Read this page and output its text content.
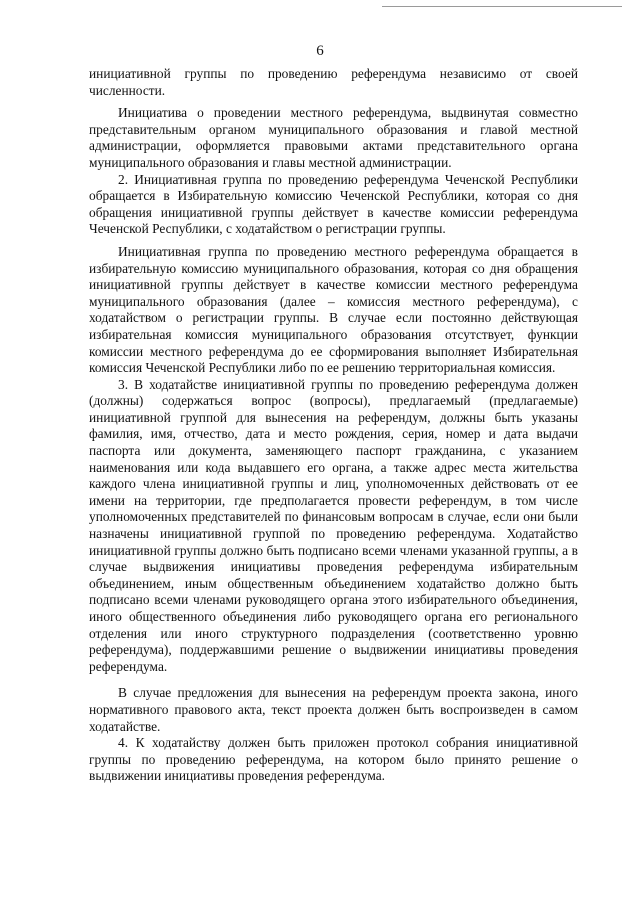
6

инициативной группы по проведению референдума независимо от своей численности.

Инициатива о проведении местного референдума, выдвинутая совместно представительным органом муниципального образования и главой местной администрации, оформляется правовыми актами представительного органа муниципального образования и главы местной администрации.

2. Инициативная группа по проведению референдума Чеченской Республики обращается в Избирательную комиссию Чеченской Республики, которая со дня обращения инициативной группы действует в качестве комиссии референдума Чеченской Республики, с ходатайством о регистрации группы.

Инициативная группа по проведению местного референдума обращается в избирательную комиссию муниципального образования, которая со дня обращения инициативной группы действует в качестве комиссии местного референдума муниципального образования (далее – комиссия местного референдума), с ходатайством о регистрации группы. В случае если постоянно действующая избирательная комиссия муниципального образования отсутствует, функции комиссии местного референдума до ее сформирования выполняет Избирательная комиссия Чеченской Республики либо по ее решению территориальная комиссия.

3. В ходатайстве инициативной группы по проведению референдума должен (должны) содержаться вопрос (вопросы), предлагаемый (предлагаемые) инициативной группой для вынесения на референдум, должны быть указаны фамилия, имя, отчество, дата и место рождения, серия, номер и дата выдачи паспорта или документа, заменяющего паспорт гражданина, с указанием наименования или кода выдавшего его органа, а также адрес места жительства каждого члена инициативной группы и лиц, уполномоченных действовать от ее имени на территории, где предполагается провести референдум, в том числе уполномоченных представителей по финансовым вопросам в случае, если они были назначены инициативной группой по проведению референдума. Ходатайство инициативной группы должно быть подписано всеми членами указанной группы, а в случае выдвижения инициативы проведения референдума избирательным объединением, иным общественным объединением ходатайство должно быть подписано всеми членами руководящего органа этого избирательного объединения, иного общественного объединения либо руководящего органа его регионального отделения или иного структурного подразделения (соответственно уровню референдума), поддержавшими решение о выдвижении инициативы проведения референдума.

В случае предложения для вынесения на референдум проекта закона, иного нормативного правового акта, текст проекта должен быть воспроизведен в самом ходатайстве.

4. К ходатайству должен быть приложен протокол собрания инициативной группы по проведению референдума, на котором было принято решение о выдвижении инициативы проведения референдума.
